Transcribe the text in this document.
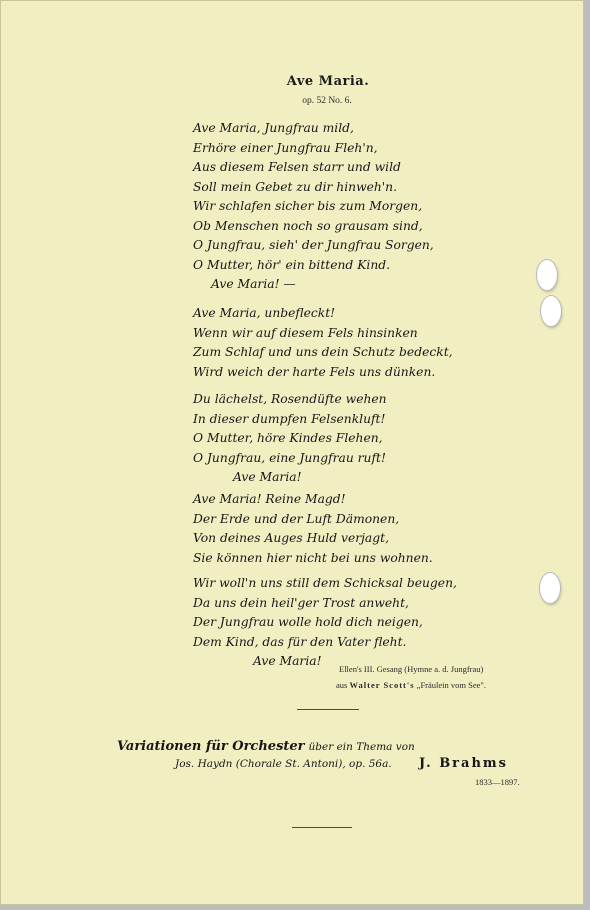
Ave Maria.
op. 52 No. 6.
Ave Maria, Jungfrau mild,
Erhöre einer Jungfrau Fleh'n,
Aus diesem Felsen starr und wild
Soll mein Gebet zu dir hinweh'n.
Wir schlafen sicher bis zum Morgen,
Ob Menschen noch so grausam sind,
O Jungfrau, sieh' der Jungfrau Sorgen,
O Mutter, hör' ein bittend Kind.
Ave Maria! —
Ave Maria, unbefleckt!
Wenn wir auf diesem Fels hinsinken
Zum Schlaf und uns dein Schutz bedeckt,
Wird weich der harte Fels uns dünken.
Du lächelst, Rosendüfte wehen
In dieser dumpfen Felsenkluft!
O Mutter, höre Kindes Flehen,
O Jungfrau, eine Jungfrau ruft!
Ave Maria!
Ave Maria! Reine Magd!
Der Erde und der Luft Dämonen,
Von deines Auges Huld verjagt,
Sie können hier nicht bei uns wohnen.
Wir woll'n uns still dem Schicksal beugen,
Da uns dein heil'ger Trost anweht,
Der Jungfrau wolle hold dich neigen,
Dem Kind, das für den Vater fleht.
Ave Maria!
Ellen's III. Gesang (Hymne a. d. Jungfrau)
aus Walter Scott's „Fräulein vom See".
Variationen für Orchester über ein Thema von
Jos. Haydn (Chorale St. Antoni), op. 56a. J. Brahms
1833—1897.
